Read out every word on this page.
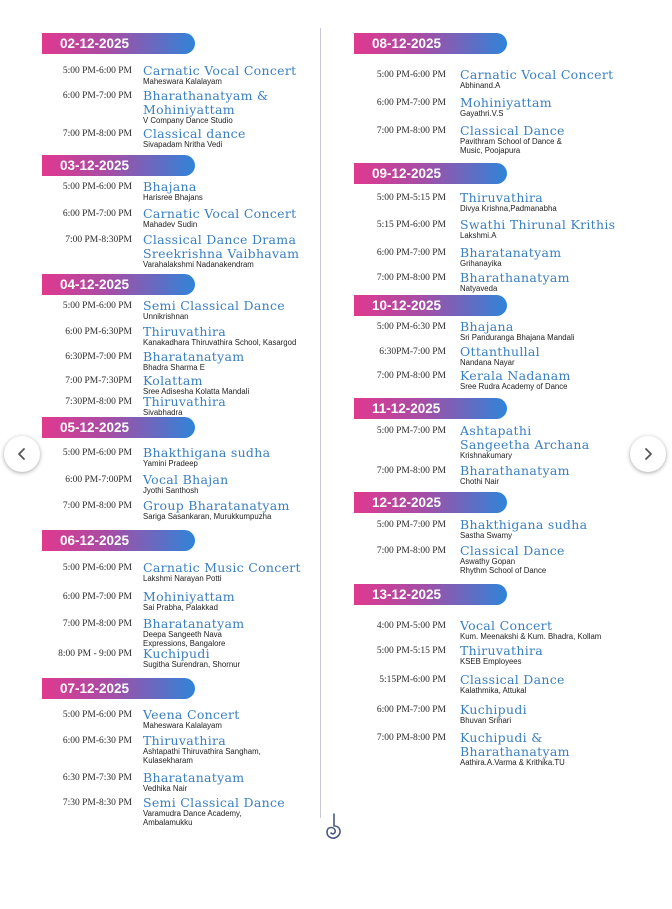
02-12-2025
5:00 PM-6:00 PM Carnatic Vocal Concert
Maheswara Kalalayam
6:00 PM-7:00 PM Bharathanatyam &
Mohiniyattam
V Company Dance Studio
7:00 PM-8:00 PM Classical dance
Sivapadam Nritha Vedi
03-12-2025
5:00 PM-6:00 PM Bhajana
Harisree Bhajans
6:00 PM-7:00 PM Carnatic Vocal Concert
Mahadev Sudin
7:00 PM-8:30PM Classical Dance Drama
Sreekrishna Vaibhavam
Varahalakshmi Nadanakendram
04-12-2025
5:00 PM-6:00 PM Semi Classical Dance
Unnikrishnan
6:00 PM-6:30PM Thiruvathira
Kanakadhara Thiruvathira School, Kasargod
6:30PM-7:00 PM Bharatanatyam
Bhadra Sharma E
7:00 PM-7:30PM Kolattam
Sree Adisesha Kolatta Mandali
7:30PM-8:00 PM Thiruvathira
Sivabhadra
05-12-2025
5:00 PM-6:00 PM Bhakthigana sudha
Yamini Pradeep
6:00 PM-7:00PM Vocal Bhajan
Jyothi Santhosh
7:00 PM-8:00 PM Group Bharatanatyam
Sariga Sasankaran, Murukkumpuzha
06-12-2025
5:00 PM-6:00 PM Carnatic Music Concert
Lakshmi Narayan Potti
6:00 PM-7:00 PM Mohiniyattam
Sai Prabha, Palakkad
7:00 PM-8:00 PM Bharatanatyam
Deepa Sangeeth Nava
Expressions, Bangalore
8:00 PM - 9:00 PM Kuchipudi
Sugitha Surendran, Shornur
07-12-2025
5:00 PM-6:00 PM Veena Concert
Maheswara Kalalayam
6:00 PM-6:30 PM Thiruvathira
Ashtapathi Thiruvathira Sangham,
Kulasekharam
6:30 PM-7:30 PM Bharatanatyam
Vedhika Nair
7:30 PM-8:30 PM Semi Classical Dance
Varamudra Dance Academy,
Ambalamukku
08-12-2025
5:00 PM-6:00 PM Carnatic Vocal Concert
Abhinand.A
6:00 PM-7:00 PM Mohiniyattam
Gayathri.V.S
7:00 PM-8:00 PM Classical Dance
Pavithram School of Dance &
Music, Poojapura
09-12-2025
5:00 PM-5:15 PM Thiruvathira
Divya Krishna,Padmanabha
5:15 PM-6:00 PM Swathi Thirunal Krithis
Lakshmi.A
6:00 PM-7:00 PM Bharatanatyam
Grihanayika
7:00 PM-8:00 PM Bharathanatyam
Natyaveda
10-12-2025
5:00 PM-6:30 PM Bhajana
Sri Panduranga Bhajana Mandali
6:30PM-7:00 PM Ottanthullal
Nandana Nayar
7:00 PM-8:00 PM Kerala Nadanam
Sree Rudra Academy of Dance
11-12-2025
5:00 PM-7:00 PM Ashtapathi
Sangeetha Archana
Krishnakumary
7:00 PM-8:00 PM Bharathanatyam
Chothi Nair
12-12-2025
5:00 PM-7:00 PM Bhakthigana sudha
Sastha Swamy
7:00 PM-8:00 PM Classical Dance
Aswathy Gopan
Rhythm School of Dance
13-12-2025
4:00 PM-5:00 PM Vocal Concert
Kum. Meenakshi & Kum. Bhadra, Kollam
5:00 PM-5:15 PM Thiruvathira
KSEB Employees
5:15PM-6:00 PM Classical Dance
Kalathmika, Attukal
6:00 PM-7:00 PM Kuchipudi
Bhuvan Srihari
7:00 PM-8:00 PM Kuchipudi &
Bharathanatyam
Aathira.A.Varma & Krithika.TU
